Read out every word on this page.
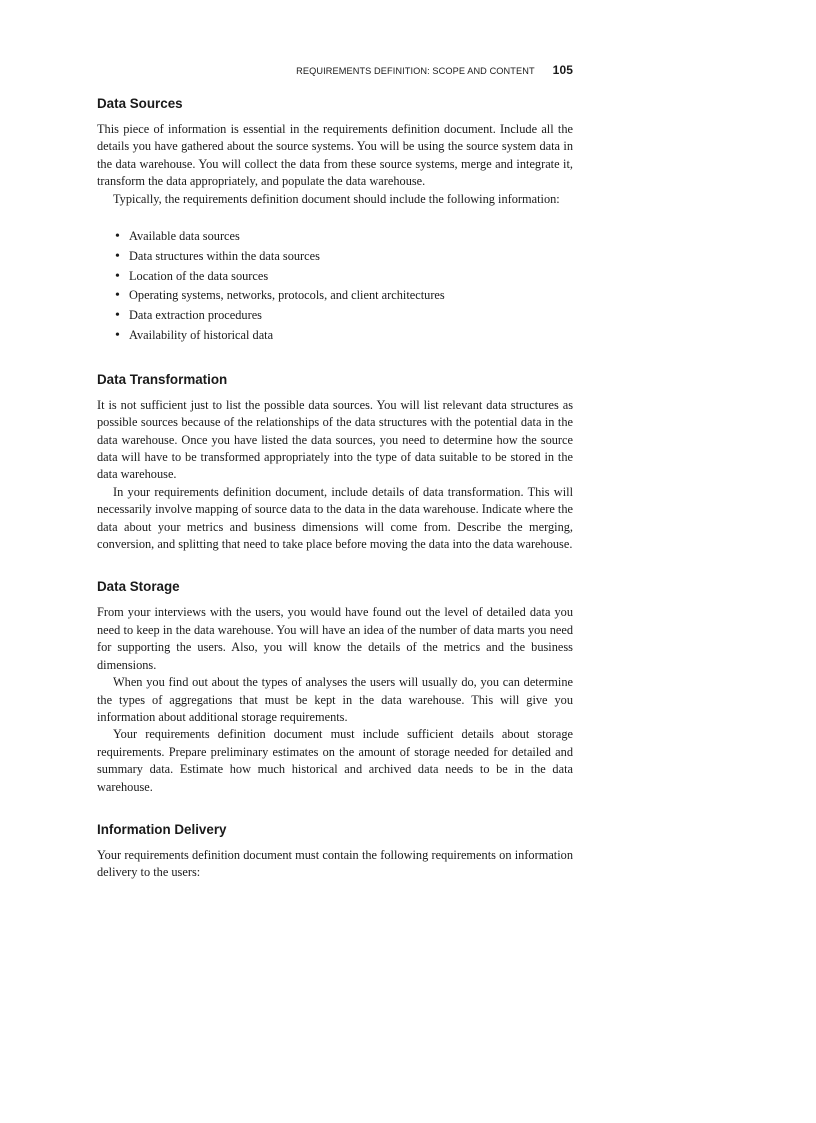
REQUIREMENTS DEFINITION: SCOPE AND CONTENT 105
Data Sources

This piece of information is essential in the requirements definition document. Include all the details you have gathered about the source systems. You will be using the source system data in the data warehouse. You will collect the data from these source systems, merge and integrate it, transform the data appropriately, and populate the data warehouse.

Typically, the requirements definition document should include the following information:

• Available data sources
• Data structures within the data sources
• Location of the data sources
• Operating systems, networks, protocols, and client architectures
• Data extraction procedures
• Availability of historical data
Data Transformation

It is not sufficient just to list the possible data sources. You will list relevant data structures as possible sources because of the relationships of the data structures with the potential data in the data warehouse. Once you have listed the data sources, you need to determine how the source data will have to be transformed appropriately into the type of data suitable to be stored in the data warehouse.

In your requirements definition document, include details of data transformation. This will necessarily involve mapping of source data to the data in the data warehouse. Indicate where the data about your metrics and business dimensions will come from. Describe the merging, conversion, and splitting that need to take place before moving the data into the data warehouse.

Data Storage

From your interviews with the users, you would have found out the level of detailed data you need to keep in the data warehouse. You will have an idea of the number of data marts you need for supporting the users. Also, you will know the details of the metrics and the business dimensions.

When you find out about the types of analyses the users will usually do, you can determine the types of aggregations that must be kept in the data warehouse. This will give you information about additional storage requirements.

Your requirements definition document must include sufficient details about storage requirements. Prepare preliminary estimates on the amount of storage needed for detailed and summary data. Estimate how much historical and archived data needs to be in the data warehouse.

Information Delivery

Your requirements definition document must contain the following requirements on information delivery to the users:
